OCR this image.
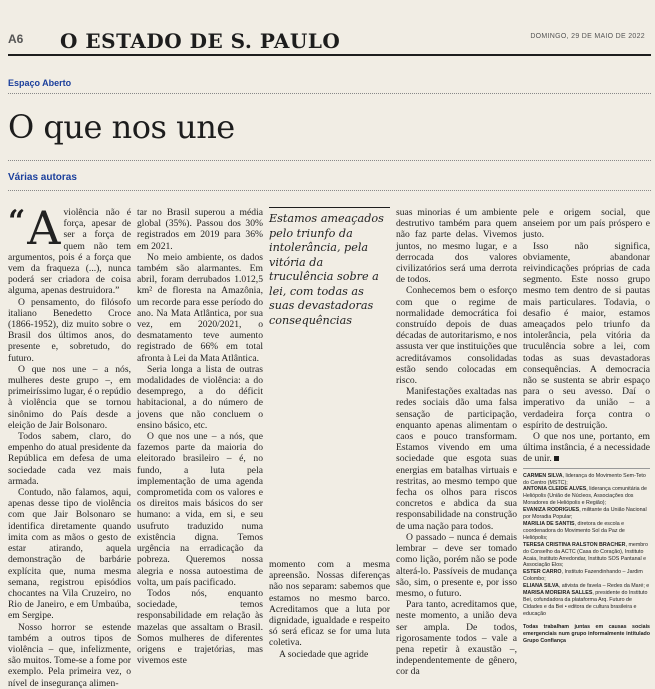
A6 O ESTADO DE S. PAULO	DOMINGO, 29 DE MAIO DE 2022
Espaço Aberto
O que nos une
Várias autoras

“ A violência não é força, apesar de ser a força de quem não tem argumentos, pois é a força que vem da fraqueza (...), nunca poderá ser criadora de coisa alguma, apenas destruidora.”

O pensamento, do filósofo italiano Benedetto Croce (1866-1952), diz muito sobre o Brasil dos últimos anos, do presente e, sobretudo, do futuro.

O que nos une – a nós, mulheres deste grupo –, em primeiríssimo lugar, é o repúdio à violência que se tornou sinônimo do País desde a eleição de Jair Bolsonaro.

Todos sabem, claro, do empenho do atual presidente da República em defesa de uma sociedade cada vez mais armada.

Contudo, não falamos, aqui, apenas desse tipo de violência com que Jair Bolsonaro se identifica diretamente quando imita com as mãos o gesto de estar atirando, aquela demonstração de barbárie explícita que, numa mesma semana, registrou episódios chocantes na Vila Cruzeiro, no Rio de Janeiro, e em Umbaúba, em Sergipe.

Nosso horror se estende também a outros tipos de violência – que, infelizmente, são muitos. Tome-se a fome por exemplo. Pela primeira vez, o nível de insegurança alimen-

tar no Brasil superou a média global (35%). Passou dos 30% registrados em 2019 para 36% em 2021.

No meio ambiente, os dados também são alarmantes. Em abril, foram derrubados 1.012,5 km² de floresta na Amazônia, um recorde para esse período do ano. Na Mata Atlântica, por sua vez, em 2020/2021, o desmatamento teve aumento registrado de 66% em total afronta à Lei da Mata Atlântica.

Seria longa a lista de outras modalidades de violência: a do desemprego, a do déficit habitacional, a do número de jovens que não concluem o ensino básico, etc.

O que nos une – a nós, que fazemos parte da maioria do eleitorado brasileiro – é, no fundo, a luta pela implementação de uma agenda comprometida com os valores e os direitos mais básicos do ser humano: a vida, em si, e seu usufruto traduzido numa existência digna. Temos urgência na erradicação da pobreza. Queremos nossa alegria e nossa autoestima de volta, um país pacificado.

Todos nós, enquanto sociedade, temos responsabilidade em relação às mazelas que assaltam o Brasil. Somos mulheres de diferentes origens e trajetórias, mas vivemos este

Estamos ameaçados pelo triunfo da intolerância, pela vitória da truculência sobre a lei, com todas as suas devastadoras consequências

momento com a mesma apreensão. Nossas diferenças não nos separam: sabemos que estamos no mesmo barco. Acreditamos que a luta por dignidade, igualdade e respeito só será eficaz se for uma luta coletiva.

A sociedade que agride

suas minorias é um ambiente destrutivo também para quem não faz parte delas. Vivemos juntos, no mesmo lugar, e a derrocada dos valores civilizatórios será uma derrota de todos.

Conhecemos bem o esforço com que o regime de normalidade democrática foi construído depois de duas décadas de autoritarismo, e nos assusta ver que instituições que acreditávamos consolidadas estão sendo colocadas em risco.

Manifestações exaltadas nas redes sociais dão uma falsa sensação de participação, enquanto apenas alimentam o caos e pouco transformam. Estamos vivendo em uma sociedade que esgota suas energias em batalhas virtuais e restritas, ao mesmo tempo que fecha os olhos para riscos concretos e abdica da sua responsabilidade na construção de uma nação para todos.

O passado – nunca é demais lembrar – deve ser tomado como lição, porém não se pode alterá-lo. Passíveis de mudança são, sim, o presente e, por isso mesmo, o futuro.

Para tanto, acreditamos que, neste momento, a união deva ser ampla. De todos, rigorosamente todos – vale a pena repetir à exaustão –, independentemente de gênero, cor da

pele e origem social, que anseiem por um país próspero e justo.

Isso não significa, obviamente, abandonar reivindicações próprias de cada segmento. Este nosso grupo mesmo tem dentro de si pautas mais particulares. Todavia, o desafio é maior, estamos ameaçados pelo triunfo da intolerância, pela vitória da truculência sobre a lei, com todas as suas devastadoras consequências. A democracia não se sustenta se abrir espaço para o seu avesso. Daí o imperativo da união – a verdadeira força contra o espírito de destruição.

O que nos une, portanto, em última instância, é a necessidade de unir.

CARMEN SILVA, liderança do Movimento Sem-Teto do Centro (MSTC);
ANTONIA CLEIDE ALVES, liderança comunitária de Heliópolis (União de Núcleos, Associações dos Moradores de Heliópolis e Região);
EVANIZA RODRIGUES, militante da União Nacional por Moradia Popular;
MARILIA DE SANTIS, diretora de escola e coordenadora do Movimento Sol da Paz de Heliópolis;
TERESA CRISTINA RALSTON BRACHER, membro do Conselho da ACTC (Casa do Coração), Instituto Acaia, Instituto Arredondar, Instituto SOS Pantanal e Associação Elos;
ESTER CARRO, Instituto Fazendinhando – Jardim Colombo;
ELIANA SILVA, ativista de favela – Redes da Maré; e
MARISA MOREIRA SALLES, presidente do Instituto Bei, cofundadora da plataforma Arq. Futuro de Cidades e da Bei • editora de cultura brasileira e educação
Todas trabalham juntas em causas sociais emergenciais num grupo informalmente intitulado Grupo Confiança
